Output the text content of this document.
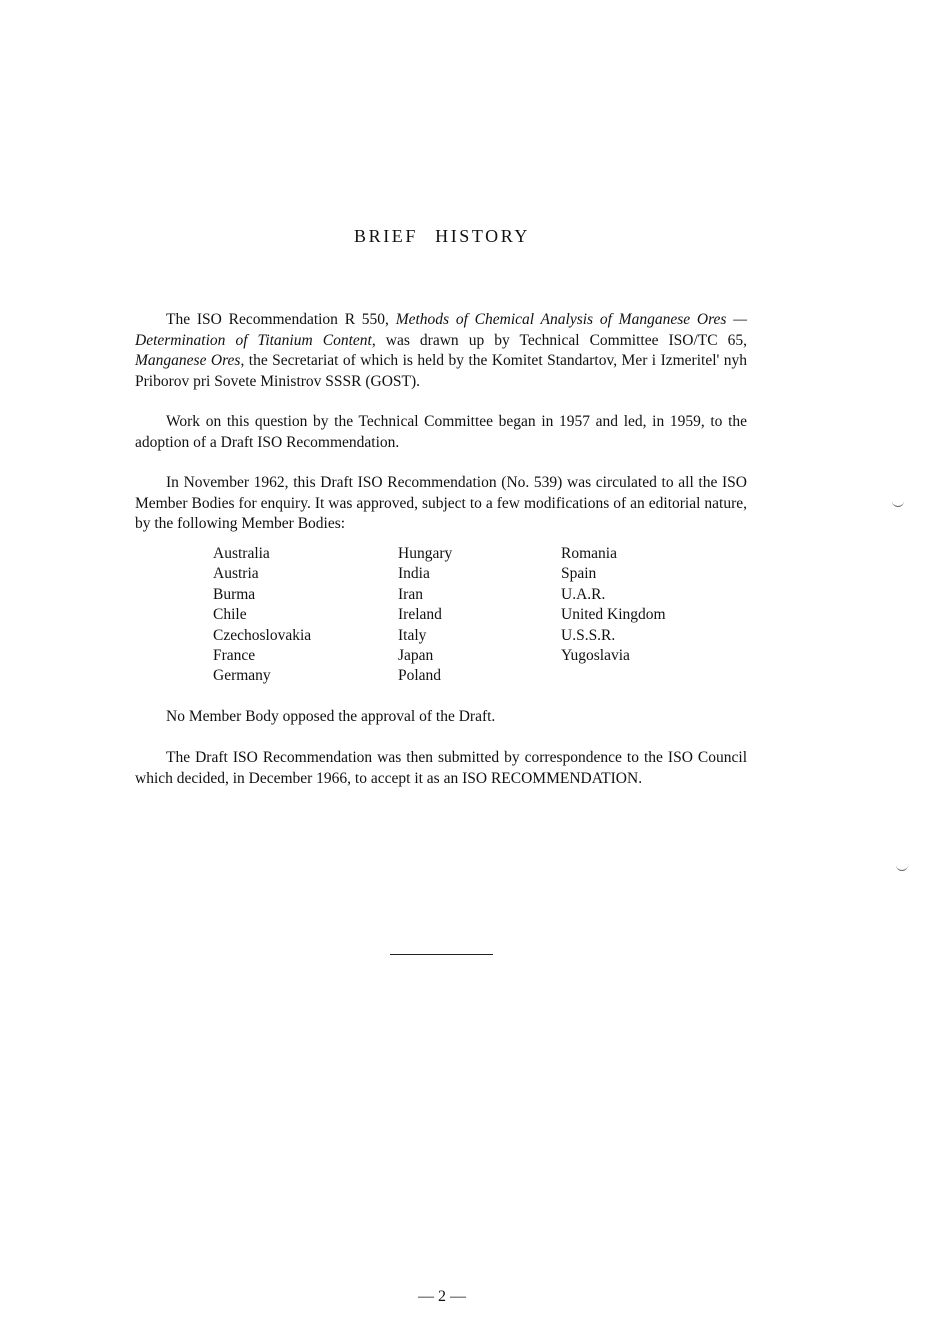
BRIEF HISTORY

The ISO Recommendation R 550, Methods of Chemical Analysis of Manganese Ores — Determination of Titanium Content, was drawn up by Technical Committee ISO/TC 65, Manganese Ores, the Secretariat of which is held by the Komitet Standartov, Mer i Izmeritel' nyh Priborov pri Sovete Ministrov SSSR (GOST).

Work on this question by the Technical Committee began in 1957 and led, in 1959, to the adoption of a Draft ISO Recommendation.

In November 1962, this Draft ISO Recommendation (No. 539) was circulated to all the ISO Member Bodies for enquiry. It was approved, subject to a few modifications of an editorial nature, by the following Member Bodies:

Australia
Austria
Burma
Chile
Czechoslovakia
France
Germany
Hungary
India
Iran
Ireland
Italy
Japan
Poland
Romania
Spain
U.A.R.
United Kingdom
U.S.S.R.
Yugoslavia

No Member Body opposed the approval of the Draft.

The Draft ISO Recommendation was then submitted by correspondence to the ISO Council which decided, in December 1966, to accept it as an ISO RECOMMENDATION.

— 2 —
